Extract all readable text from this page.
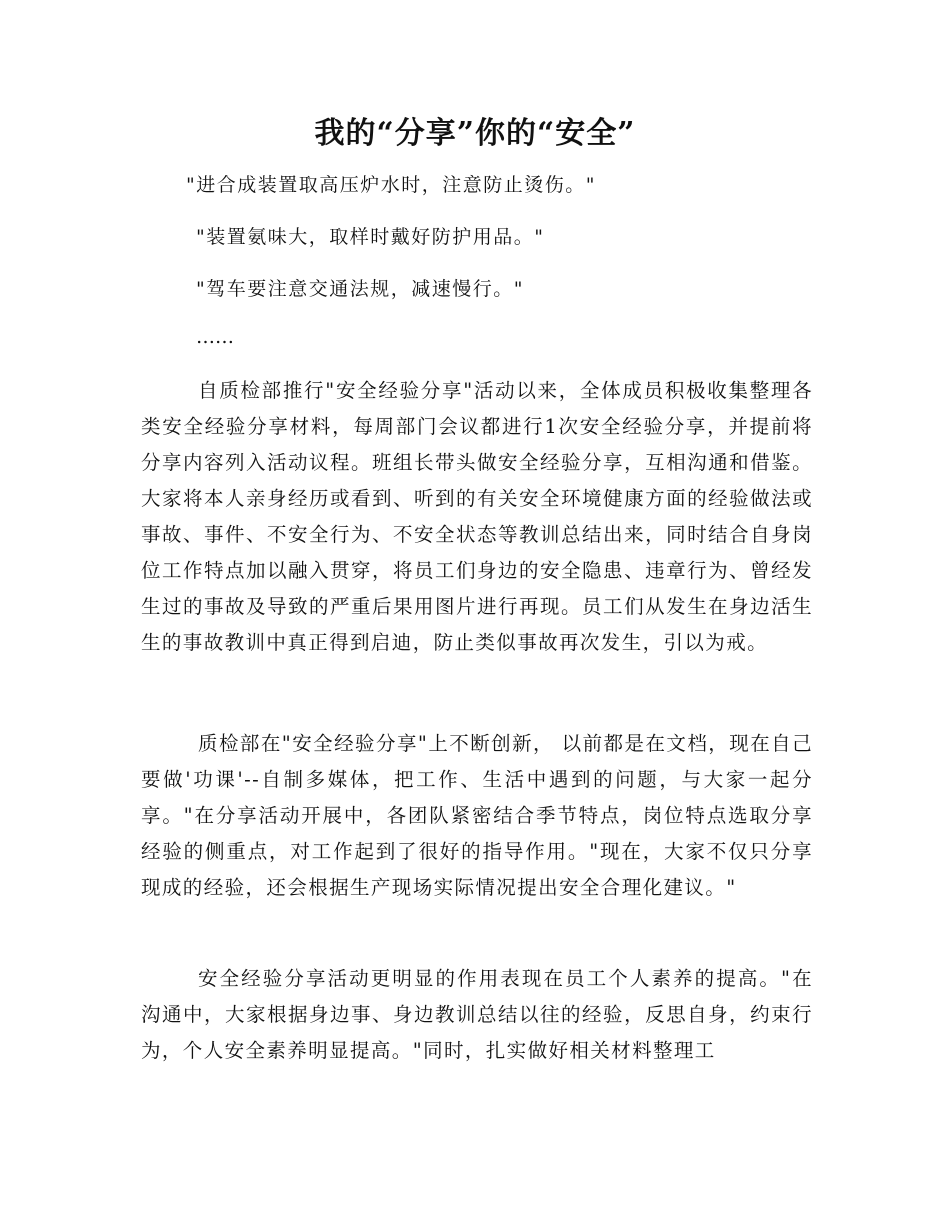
我的“分享”你的“安全”
"进合成装置取高压炉水时，注意防止烫伤。"
"装置氨味大，取样时戴好防护用品。"
"驾车要注意交通法规，减速慢行。"
……

自质检部推行"安全经验分享"活动以来，全体成员积极收集整理各类安全经验分享材料，每周部门会议都进行1次安全经验分享，并提前将分享内容列入活动议程。班组长带头做安全经验分享，互相沟通和借鉴。大家将本人亲身经历或看到、听到的有关安全环境健康方面的经验做法或事故、事件、不安全行为、不安全状态等教训总结出来，同时结合自身岗位工作特点加以融入贯穿，将员工们身边的安全隐患、违章行为、曾经发生过的事故及导致的严重后果用图片进行再现。员工们从发生在身边活生生的事故教训中真正得到启迪，防止类似事故再次发生，引以为戒。

质检部在"安全经验分享"上不断创新， 以前都是在文档，现在自己要做'功课'--自制多媒体，把工作、生活中遇到的问题，与大家一起分享。"在分享活动开展中，各团队紧密结合季节特点，岗位特点选取分享经验的侧重点，对工作起到了很好的指导作用。"现在，大家不仅只分享现成的经验，还会根据生产现场实际情况提出安全合理化建议。"

安全经验分享活动更明显的作用表现在员工个人素养的提高。"在沟通中，大家根据身边事、身边教训总结以往的经验，反思自身，约束行为，个人安全素养明显提高。"同时，扎实做好相关材料整理工
